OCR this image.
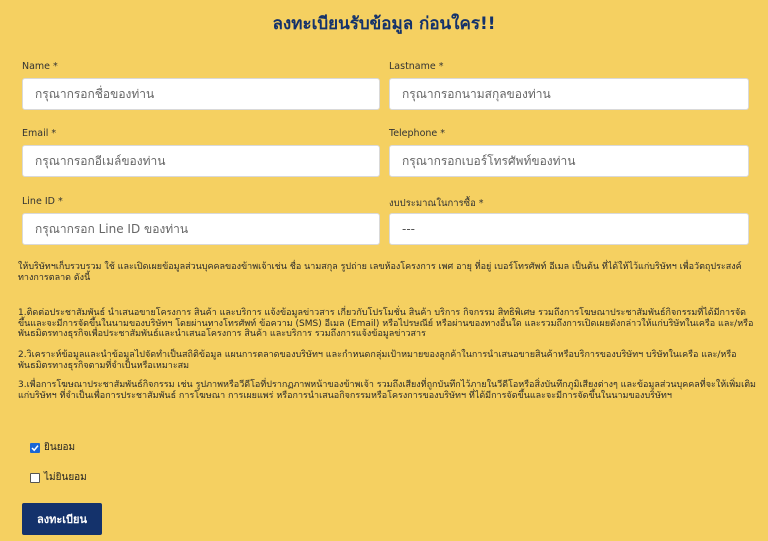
ลงทะเบียนรับข้อมูล ก่อนใคร!!
Name *
กรุณากรอกชื่อของท่าน	Lastname *
กรุณากรอกนามสกุลของท่าน
Email *
กรุณากรอกอีเมล์ของท่าน	Telephone *
กรุณากรอกเบอร์โทรศัพท์ของท่าน
Line ID *
กรุณากรอก Line ID ของท่าน	งบประมาณในการซื้อ *
---
ให้บริษัทฯเก็บรวบรวม ใช้ และเปิดเผยข้อมูลส่วนบุคคลของข้าพเจ้าเช่น ชื่อ นามสกุล รูปถ่าย เลขห้องโครงการ เพศ อายุ ที่อยู่ เบอร์โทรศัพท์ อีเมล เป็นต้น ที่ได้ให้ไว้แก่บริษัทฯ เพื่อวัตถุประสงค์ทางการตลาด ดังนี้
1.ติดต่อประชาสัมพันธ์ นำเสนอขายโครงการ สินค้า และบริการ แจ้งข้อมูลข่าวสาร เกี่ยวกับโปรโมชั่น สินค้า บริการ กิจกรรม สิทธิพิเศษ รวมถึงการโฆษณาประชาสัมพันธ์กิจกรรมที่ได้มีการจัดขึ้นและจะมีการจัดขึ้นในนามของบริษัทฯ โดยผ่านทางโทรศัพท์ ข้อความ (SMS) อีเมล (Email) หรือไปรษณีย์ หรือผ่านของทางอื่นใด และรวมถึงการเปิดเผยดังกล่าวให้แก่บริษัทในเครือ และ/หรือพันธมิตรทางธุรกิจเพื่อประชาสัมพันธ์และนำเสนอโครงการ สินค้า และบริการ รวมถึงการแจ้งข้อมูลข่าวสาร
2.วิเคราะห์ข้อมูลและนำข้อมูลไปจัดทำเป็นสถิติข้อมูล แผนการตลาดของบริษัทฯ และกำหนดกลุ่มเป้าหมายของลูกค้าในการนำเสนอขายสินค้าหรือบริการของบริษัทฯ บริษัทในเครือ และ/หรือพันธมิตรทางธุรกิจตามที่จำเป็นหรือเหมาะสม
3.เพื่อการโฆษณาประชาสัมพันธ์กิจกรรม เช่น รูปภาพหรือวีดีโอที่ปรากฏภาพหน้าของข้าพเจ้า รวมถึงเสียงที่ถูกบันทึกไว้ภายในวีดีโอหรือสิ่งบันทึกภูมิเสียงต่างๆ และข้อมูลส่วนบุคคลที่จะให้เพิ่มเติมแก่บริษัทฯ ที่จำเป็นเพื่อการประชาสัมพันธ์ การโฆษณา การเผยแพร่ หรือการนำเสนอกิจกรรมหรือโครงการของบริษัทฯ ที่ได้มีการจัดขึ้นและจะมีการจัดขึ้นในนามของบริษัทฯ
ยินยอม
ไม่ยินยอม
ลงทะเบียน
